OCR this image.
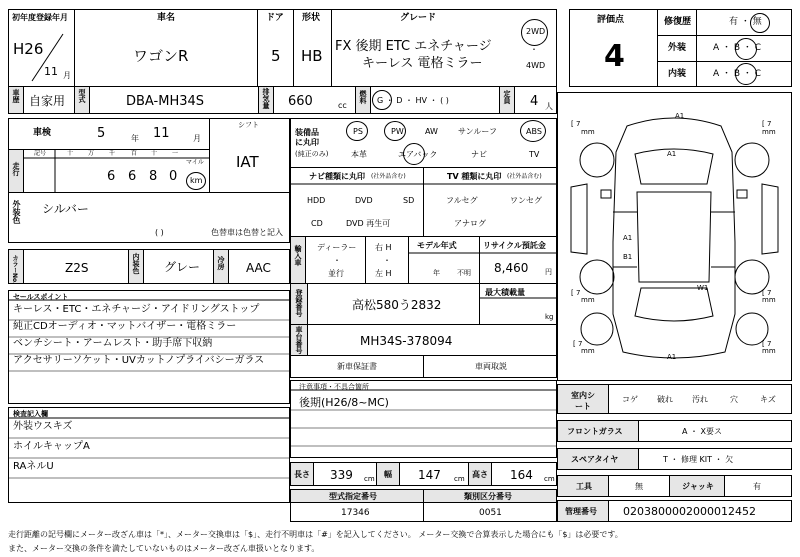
初年度登録年月
H26
11 月
車名
ワゴンR
ドア
5
形状
HB
グレード
FX 後期 ETC エネチャージ
キーレス 電格ミラー
2WD
・
4WD
評価点
4
修復歴	有 ・ 無
外装	A ・ B ・ C
内装	A ・ B ・ C
車歴 自家用 型式	DBA-MH34S	排気量 660	cc
燃料 G ・ D ・ HV ・ ( )	定員 4 人
車検	5	年 11	月
シフト
IAT
走行
記号	十 万 千	百 十 一
マイル
6 6 8 0 km
外装色 シルバー
( )	色替車は色替と記入
カラーNo.	Z2S	内装色 グレー 冷房 AAC
セールスポイント
キーレス・ETC・エネチャージ・アイドリングストップ
純正CDオーディオ・マットバイザー・電格ミラー
ベンチシート・アームレスト・助手席下収納
アクセサリーソケット・UVカットノプライバシーガラス
検査記入欄
外装ウスキズ
ホイルキャップA
RAネルU
装備品に丸印
(純正のみ)
PS	PW	AW	サンルーフ	ABS
本革	エアバック	ナビ	TV
ナビ種類に丸印 (社外品含む)
HDD	DVD	SD
CD	DVD 再生可
TV 種類に丸印 (社外品含む)
フルセグ	ワンセグ
アナログ
輸入車 ディーラー
・
並行
右 H
・
左 H
モデル年式
年 不明
リサイクル預託金
8,460 円
登録番号	高松580う2832
最大積載量
kg
車台番号	MH34S-378094
新車保証書	車両取説
注意事項・不具合箇所
後期(H26/8~MC)
長さ 339 cm 幅 147 cm 高さ 164 cm
型式指定番号
17346
類別区分番号
0051
A1
A1
A1
B1
W1
A1
[ 7
mm
[ 7
mm
[ 7
mm
[ 7
mm
[ 7
mm
[ 7
mm
室内シート
コゲ 破れ 汚れ	穴	キズ
フロントガラス	A ・ X要ス
スペアタイヤ	T ・ 修理 KIT ・ 欠
工具	無	ジャッキ	有
管理番号 0203800002000012452
走行距離の記号欄にメーター改ざん車は「*」、メーター交換車は「$」、走行不明車は「#」を記入してください。 メーター交換で合算表示した場合にも「$」は必要です。
また、メーター交換の条件を満たしていないものはメーター改ざん車扱いとなります。
